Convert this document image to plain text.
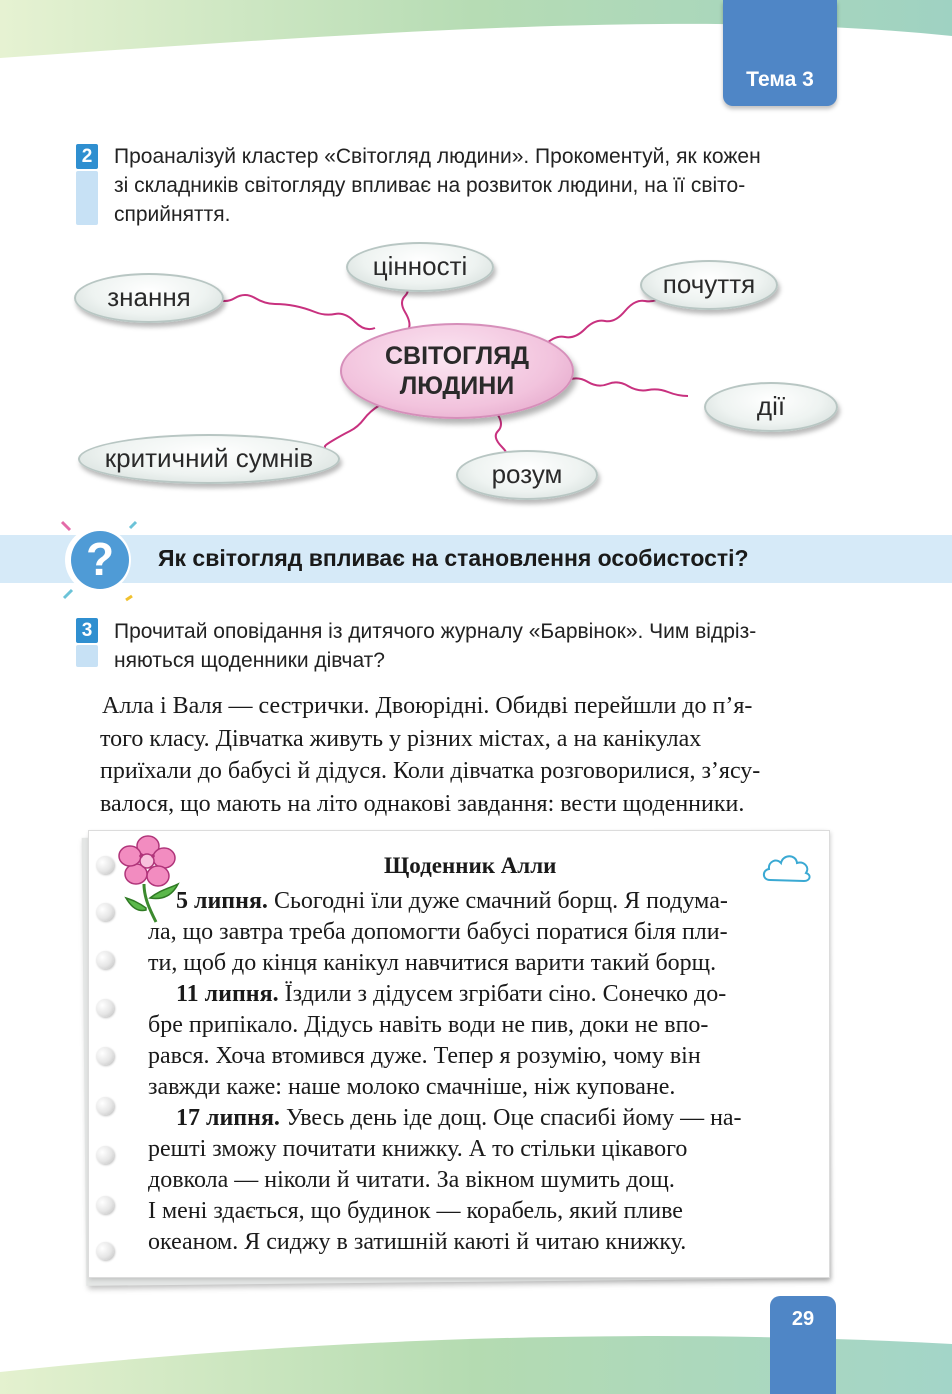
Тема 3
2 Проаналізуй кластер «Світогляд людини». Прокоментуй, як кожен
зі складників світогляду впливає на розвиток людини, на її світо-
сприйняття.
знання
цінності
почуття
дії
розум
критичний сумнів
СВІТОГЛЯД
ЛЮДИНИ
? Як світогляд впливає на становлення особистості?
3 Прочитай оповідання із дитячого журналу «Барвінок». Чим відріз-
няються щоденники дівчат?
Алла і Валя — сестрички. Двоюрідні. Обидві перейшли до п’я-
того класу. Дівчатка живуть у різних містах, а на канікулах
приїхали до бабусі й дідуся. Коли дівчатка розговорилися, з’ясу-
валося, що мають на літо однакові завдання: вести щоденники.
Щоденник Алли
5 липня. Сьогодні їли дуже смачний борщ. Я подума-
ла, що завтра треба допомогти бабусі поратися біля пли-
ти, щоб до кінця канікул навчитися варити такий борщ.
11 липня. Їздили з дідусем згрібати сіно. Сонечко до-
бре припікало. Дідусь навіть води не пив, доки не впо-
рався. Хоча втомився дуже. Тепер я розумію, чому він
завжди каже: наше молоко смачніше, ніж куповане.
17 липня. Увесь день іде дощ. Оце спасибі йому — на-
решті зможу почитати книжку. А то стільки цікавого
довкола — ніколи й читати. За вікном шумить дощ.
І мені здається, що будинок — корабель, який пливе
океаном. Я сиджу в затишній каюті й читаю книжку.
29
